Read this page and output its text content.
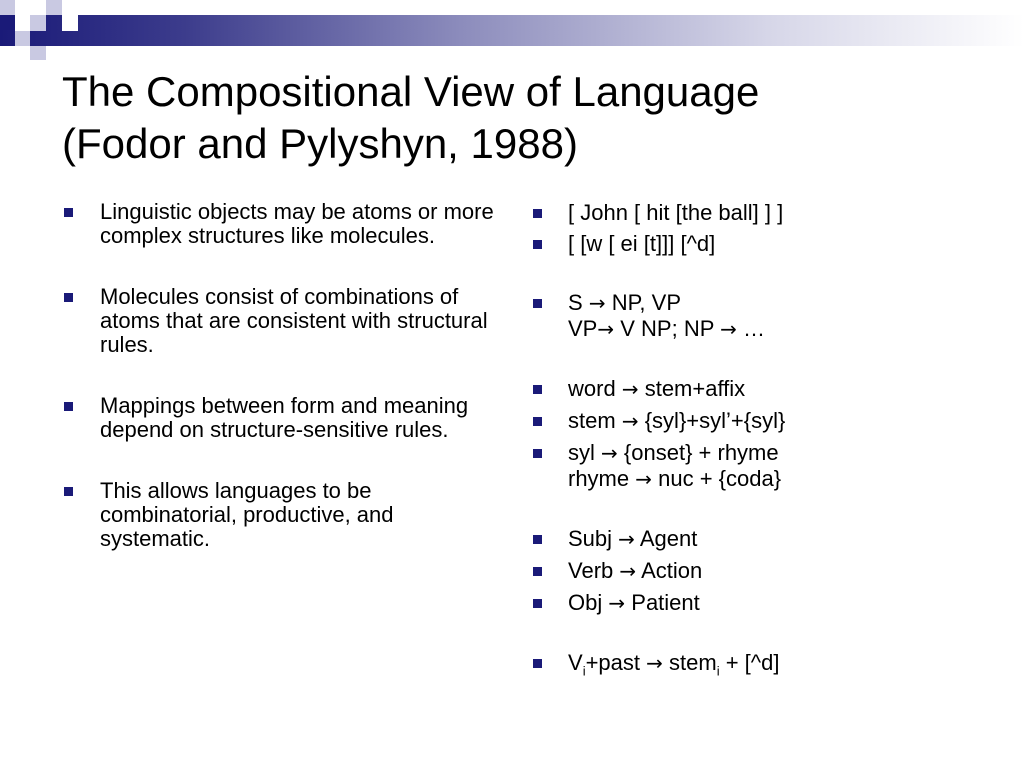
The Compositional View of Language
(Fodor and Pylyshyn, 1988)
Linguistic objects may be atoms or more complex structures like molecules.
Molecules consist of combinations of atoms that are consistent with structural rules.
Mappings between form and meaning depend on structure-sensitive rules.
This allows languages to be combinatorial, productive, and systematic.
[ John [ hit [the ball] ] ]
[ [w [ ei [t]]] [^d]
S → NP, VP
VP→ V NP; NP → …
word → stem+affix
stem → {syl}+syl’+{syl}
syl → {onset} + rhyme
rhyme → nuc + {coda}
Subj → Agent
Verb → Action
Obj → Patient
$V_i+past$ → stem$_i$ + [^d]
